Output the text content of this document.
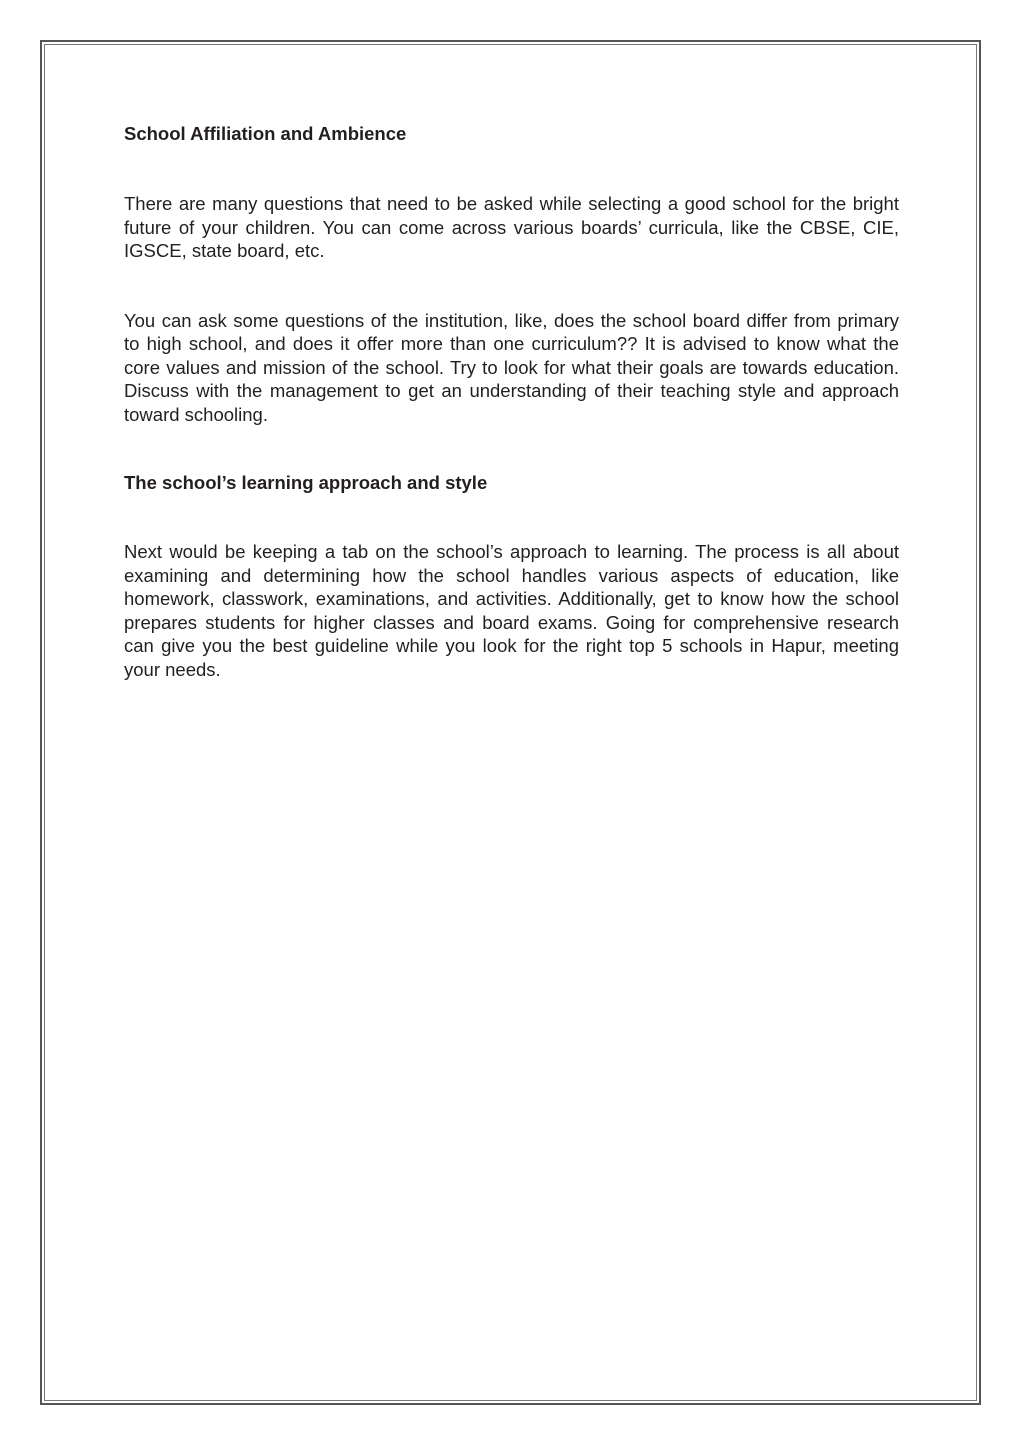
School Affiliation and Ambience

There are many questions that need to be asked while selecting a good school for the bright future of your children. You can come across various boards’ curricula, like the CBSE, CIE, IGSCE, state board, etc.

You can ask some questions of the institution, like, does the school board differ from primary to high school, and does it offer more than one curriculum?? It is advised to know what the core values and mission of the school. Try to look for what their goals are towards education. Discuss with the management to get an understanding of their teaching style and approach toward schooling.

The school’s learning approach and style

Next would be keeping a tab on the school’s approach to learning. The process is all about examining and determining how the school handles various aspects of education, like homework, classwork, examinations, and activities. Additionally, get to know how the school prepares students for higher classes and board exams. Going for comprehensive research can give you the best guideline while you look for the right top 5 schools in Hapur, meeting your needs.
